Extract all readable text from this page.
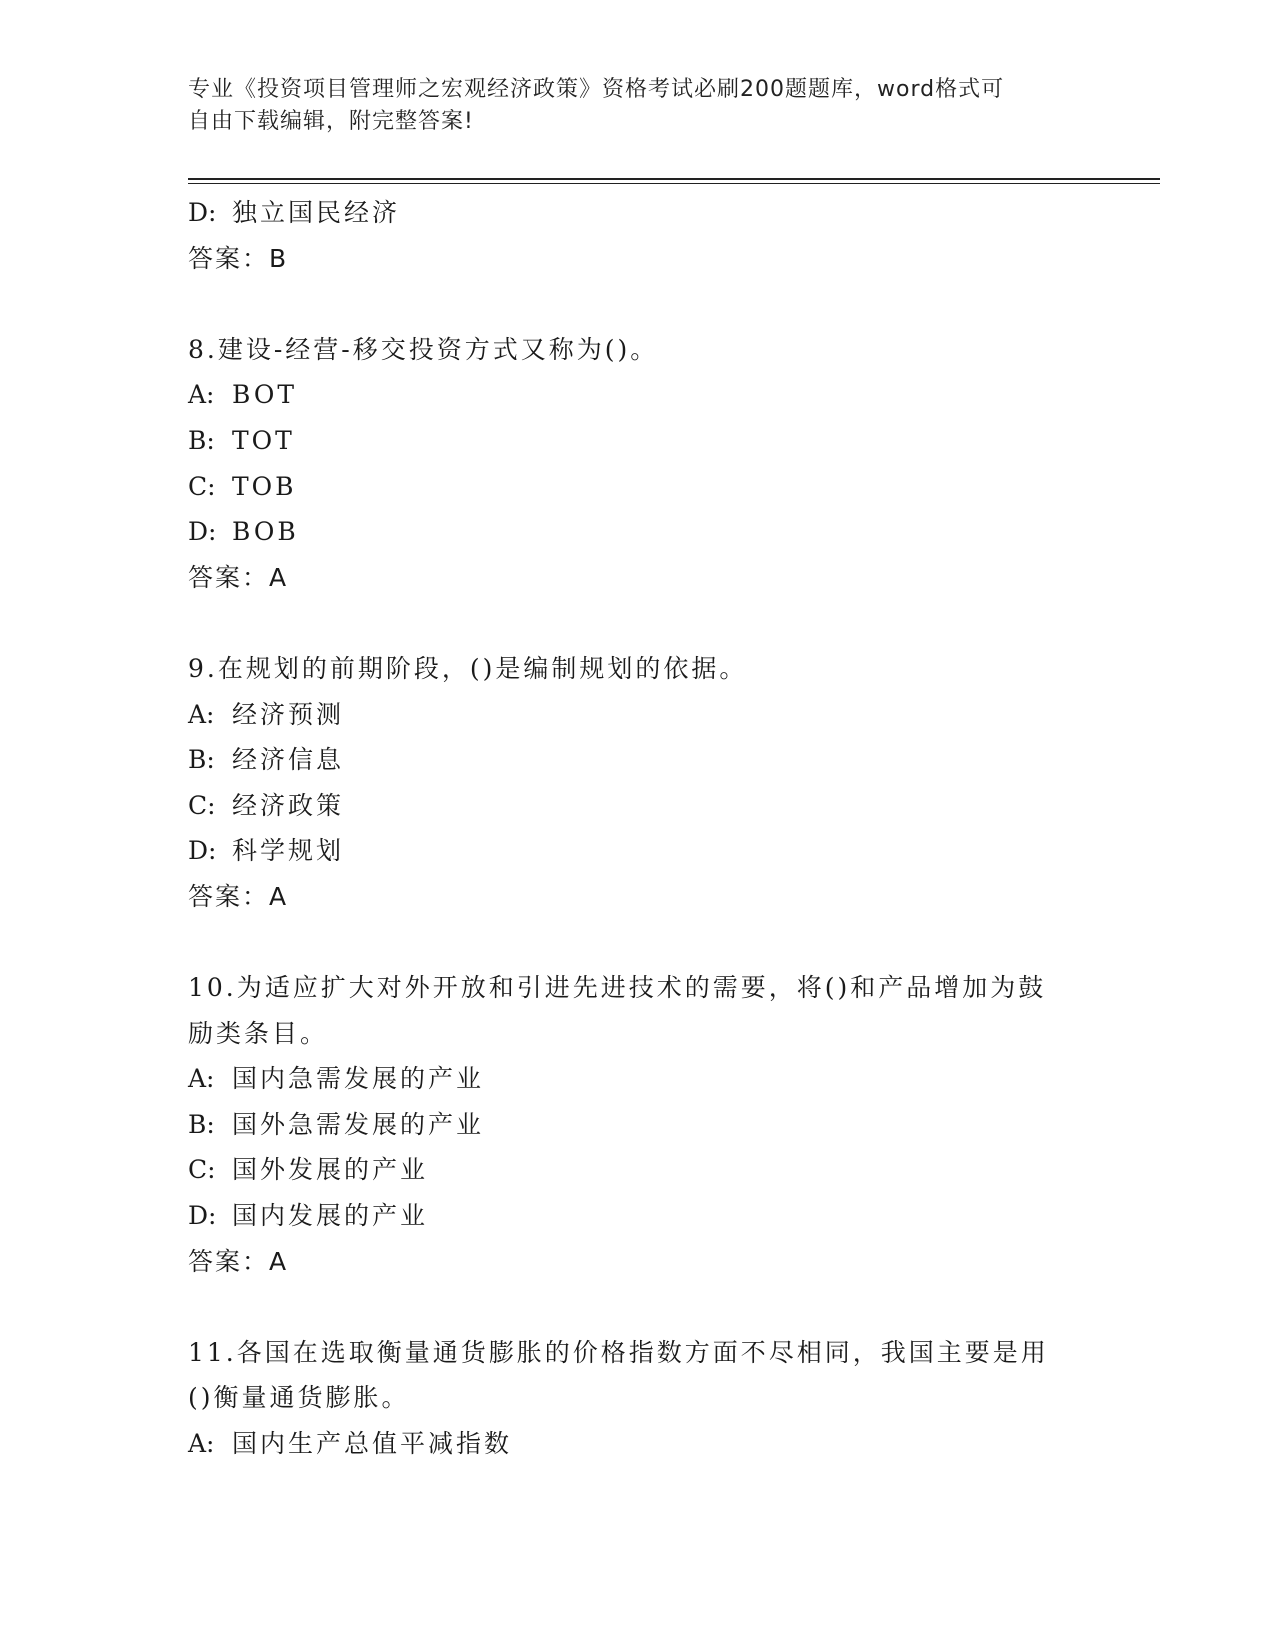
专业《投资项目管理师之宏观经济政策》资格考试必刷200题题库，word格式可
自由下载编辑，附完整答案!
D: 独立国民经济
答案：B
8.建设-经营-移交投资方式又称为()。
A: BOT
B: TOT
C: TOB
D: BOB
答案：A
9.在规划的前期阶段，()是编制规划的依据。
A: 经济预测
B: 经济信息
C: 经济政策
D: 科学规划
答案：A
10.为适应扩大对外开放和引进先进技术的需要，将()和产品增加为鼓
励类条目。
A: 国内急需发展的产业
B: 国外急需发展的产业
C: 国外发展的产业
D: 国内发展的产业
答案：A
11.各国在选取衡量通货膨胀的价格指数方面不尽相同，我国主要是用
()衡量通货膨胀。
A: 国内生产总值平减指数
